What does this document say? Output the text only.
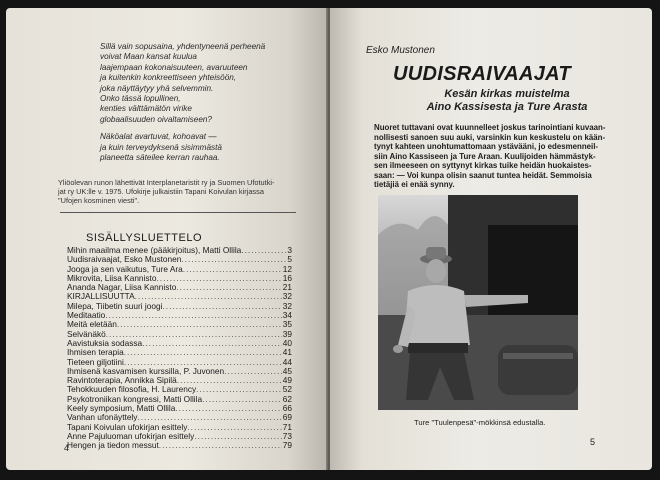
Sillä vain sopusaina, yhdentyneenä perheenä
voivat Maan kansat kuulua
laajempaan kokonaisuuteen, avaruuteen
ja kuitenkin konkreettiseen yhteisöön,
joka näyttäytyy yhä selvemmin.
Onko tässä lopullinen,
kenties välttämätön virike
globaalisuuden oivaltamiseen?
Näköalat avartuvat, kohoavat —
ja kuin terveydyksenä sisimmästä
planeetta säteilee kerran rauhaa.

Yliöolevan runon lähettivät Interplanetaristit ry ja Suomen Ufotutki-
jat ry UK:lle v. 1975. Ufokirje julkaistiin Tapani Koivulan kirjassa
"Ufojen kosminen viesti".

SISÄLLYSLUETTELO
Mihin maailma menee (pääkirjoitus), Matti Ollila .....	3
Uudisraivaajat, Esko Mustonen .....	5
Jooga ja sen vaikutus, Ture Ara .....	12
Mikrovita, Liisa Kannisto .....	16
Ananda Nagar, Liisa Kannisto .....	21
KIRJALLISUUTTA .....	32
Milepa, Tiibetin suuri joogi .....	32
Meditaatio .....	34
Meitä eletään .....	35
Selvänäkö .....	39
Aavistuksia sodassa .....	40
Ihmisen terapia .....	41
Tieteen giljotiini .....	44
Ihmisenä kasvamisen kurssilla, P. Juvonen .....	45
Ravintoterapia, Annikka Sipilä .....	49
Tehokkuuden filosofia, H. Laurency .....	52
Psykotroniikan kongressi, Matti Ollila .....	62
Keely symposium, Matti Ollila .....	66
Vanhan ufonäyttely .....	69
Tapani Koivulan ufokirjan esittely .....	71
Anne Pajuluoman ufokirjan esittely .....	73
Hengen ja tiedon messut .....	79
4
Esko Mustonen
UUDISRAIVAAJAT

Kesän kirkas muistelma
Aino Kassisesta ja Ture Arasta

Nuoret tuttavani ovat kuunnelleet joskus tarinointiani kuvaan-
nollisesti sanoen suu auki, varsinkin kun keskustelu on kään-
tynyt kahteen unohtumattomaan ystävääni, jo edesmenneil-
siin Aino Kassiseen ja Ture Araan. Kuulijoiden hämmästyk-
sen ilmeeseen on syttynyt kirkas tuike heidän huokaistes-
saan: — Voi kunpa olisin saanut tuntea heidät. Semmoisia
tietäjiä ei enää synny.

Ture "Tuulenpesä"-mökkinsä edustalla.
5
